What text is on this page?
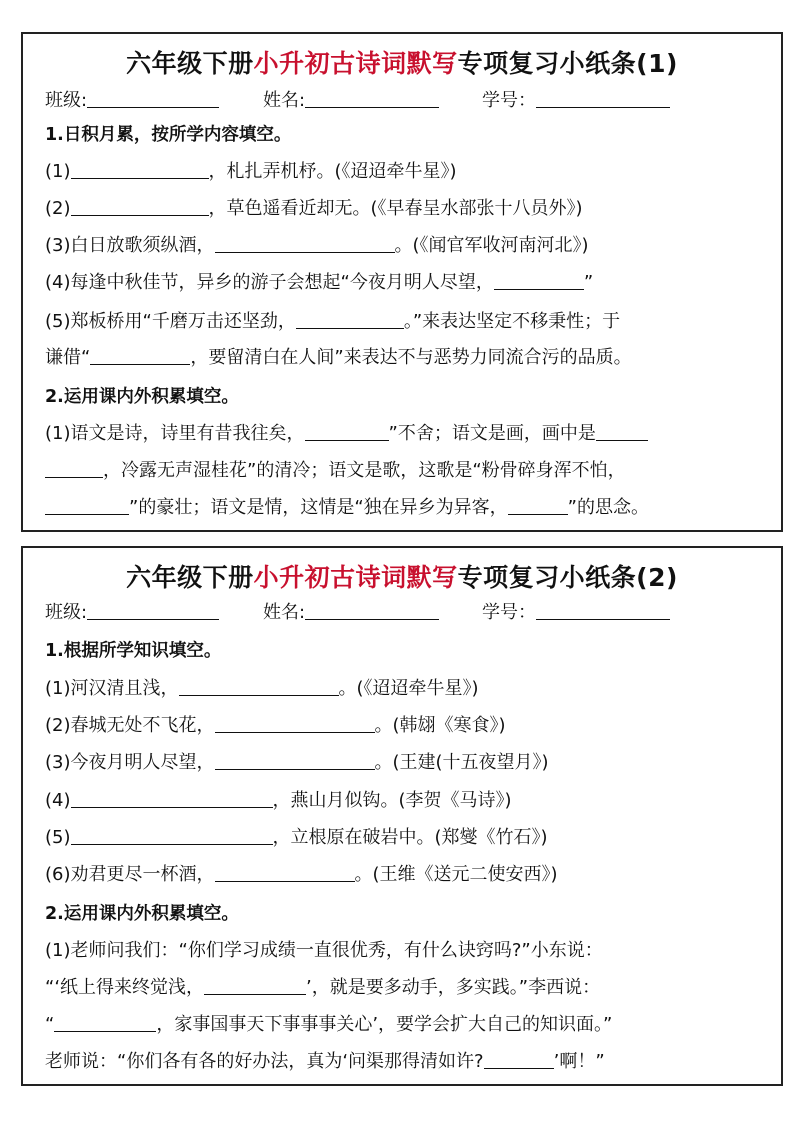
六年级下册小升初古诗词默写专项复习小纸条(1)
班级:	姓名:	学号：
1.日积月累，按所学内容填空。
(1)	，札扎弄机杼。(《迢迢牵牛星》)
(2)	，草色遥看近却无。(《早春呈水部张十八员外》)
(3)白日放歌须纵酒，	。(《闻官军收河南河北》)
(4)每逢中秋佳节，异乡的游子会想起“今夜月明人尽望，	”
(5)郑板桥用“千磨万击还坚劲，	。”来表达坚定不移秉性；于
谦借“	，要留清白在人间”来表达不与恶势力同流合污的品质。
2.运用课内外积累填空。
(1)语文是诗，诗里有昔我往矣，	”不舍；语文是画，画中是
，冷露无声湿桂花”的清冷；语文是歌，这歌是“粉骨碎身浑不怕，
”的豪壮；语文是情，这情是“独在异乡为异客，	”的思念。
六年级下册小升初古诗词默写专项复习小纸条(2)
班级:	姓名:	学号：
1.根据所学知识填空。
(1)河汉清且浅，	。(《迢迢牵牛星》)
(2)春城无处不飞花，	。(韩翃《寒食》)
(3)今夜月明人尽望，	。(王建(十五夜望月》)
(4)	，燕山月似钩。(李贺《马诗》)
(5)	，立根原在破岩中。(郑燮《竹石》)
(6)劝君更尽一杯酒，	。(王维《送元二使安西》)
2.运用课内外积累填空。
(1)老师问我们：“你们学习成绩一直很优秀，有什么诀窍吗?”小东说：
“‘纸上得来终觉浅，	’，就是要多动手，多实践。”李西说：
“	，家事国事天下事事事关心’，要学会扩大自己的知识面。”
老师说：“你们各有各的好办法，真为‘问渠那得清如许?	’啊！”
